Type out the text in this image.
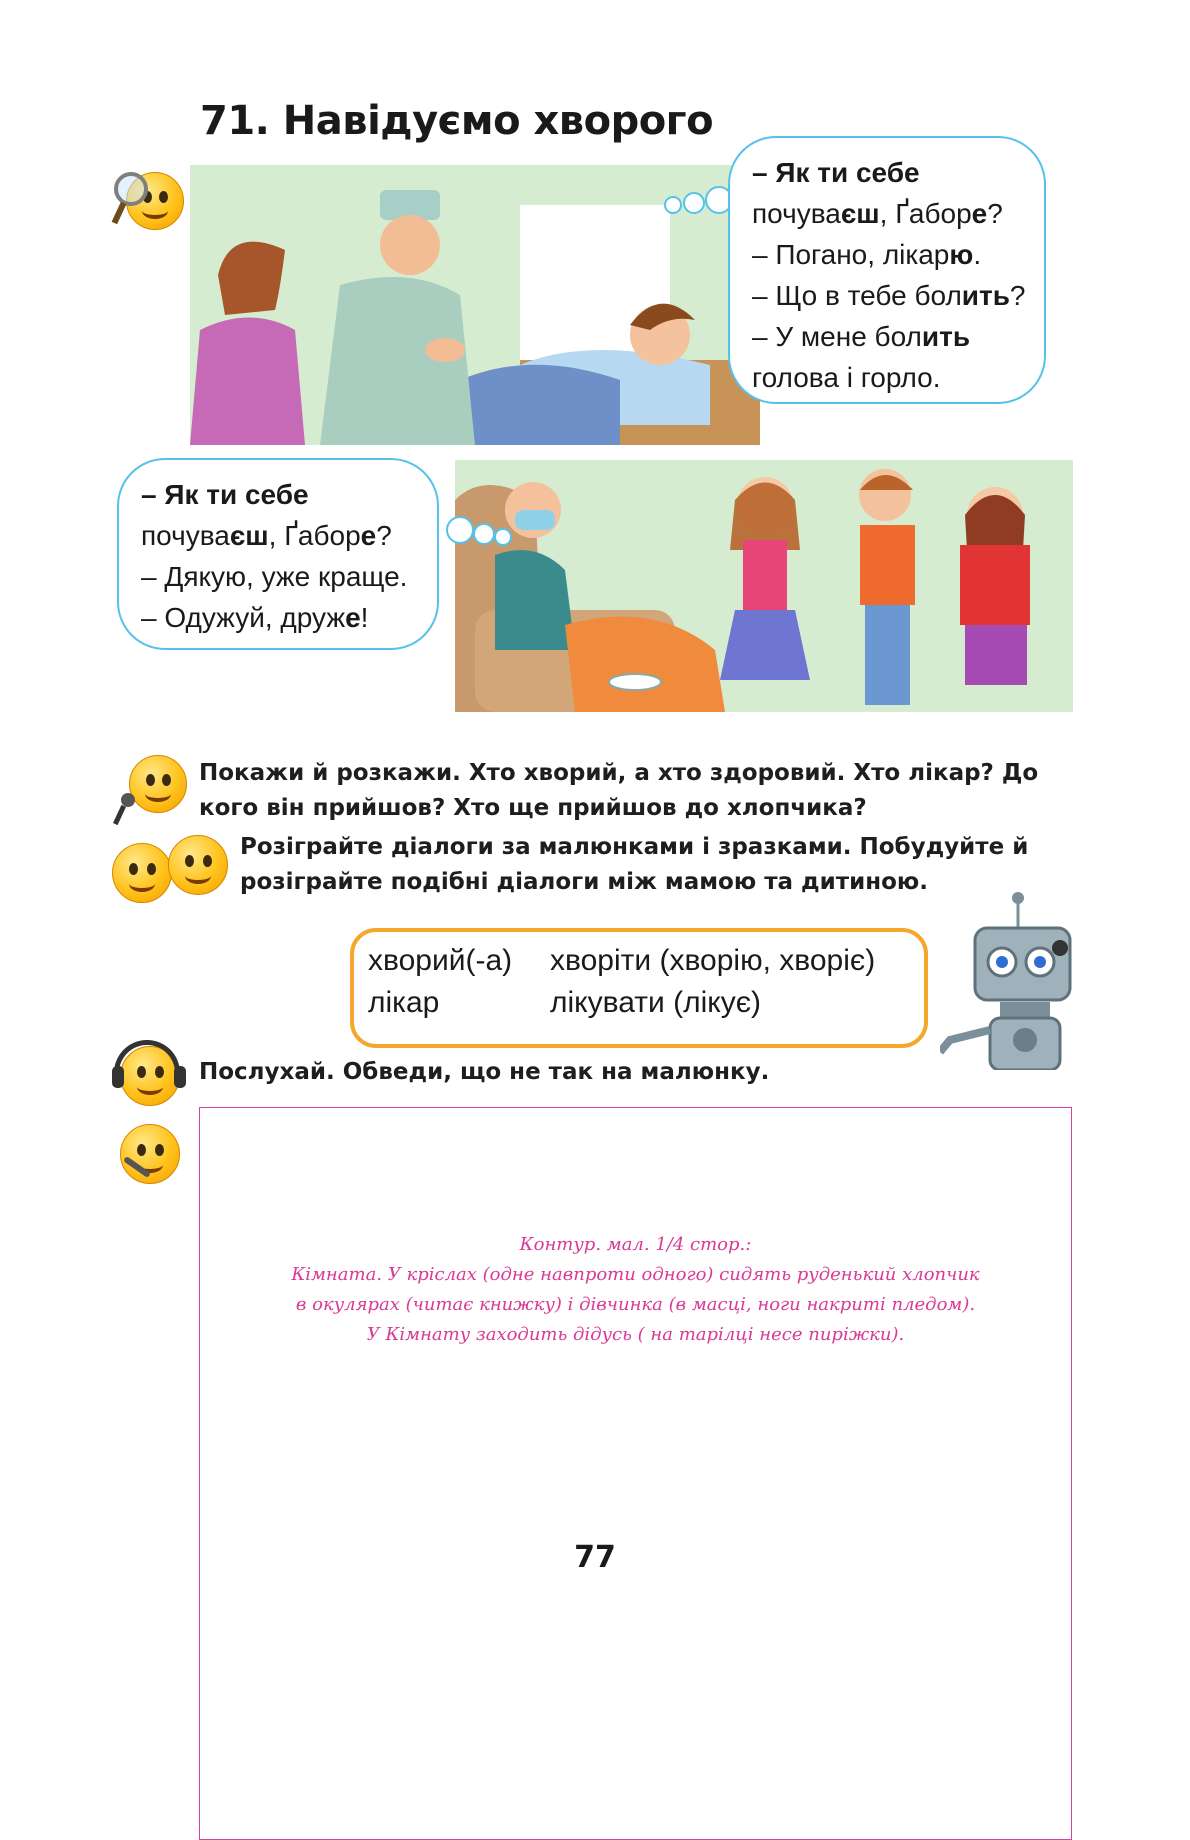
71. Навідуємо хворого
– Як ти себе
почуваєш, Ґаборе?
– Погано, лікарю.
– Що в тебе болить?
– У мене болить
голова і горло.
– Як ти себе
почуваєш, Ґаборе?
– Дякую, уже краще.
– Одужуй, друже!
Покажи й розкажи. Хто хворий, а хто здоровий. Хто лікар? До кого він прийшов? Хто ще прийшов до хлопчика?
Розіграйте діалоги за малюнками і зразками. Побудуйте й розіграйте подібні діалоги між мамою та дитиною.
хворий(-а) хворіти (хворію, хворіє)
лікар	лікувати (лікує)
Послухай. Обведи, що не так на малюнку.
Контур. мал. 1/4 стор.:
Кімната. У кріслах (одне навпроти одного) сидять руденький хлопчик
в окулярах (читає книжку) і дівчинка (в масці, ноги накриті пледом).
У Кімнату заходить дідусь ( на тарілці несе пиріжки).
77
